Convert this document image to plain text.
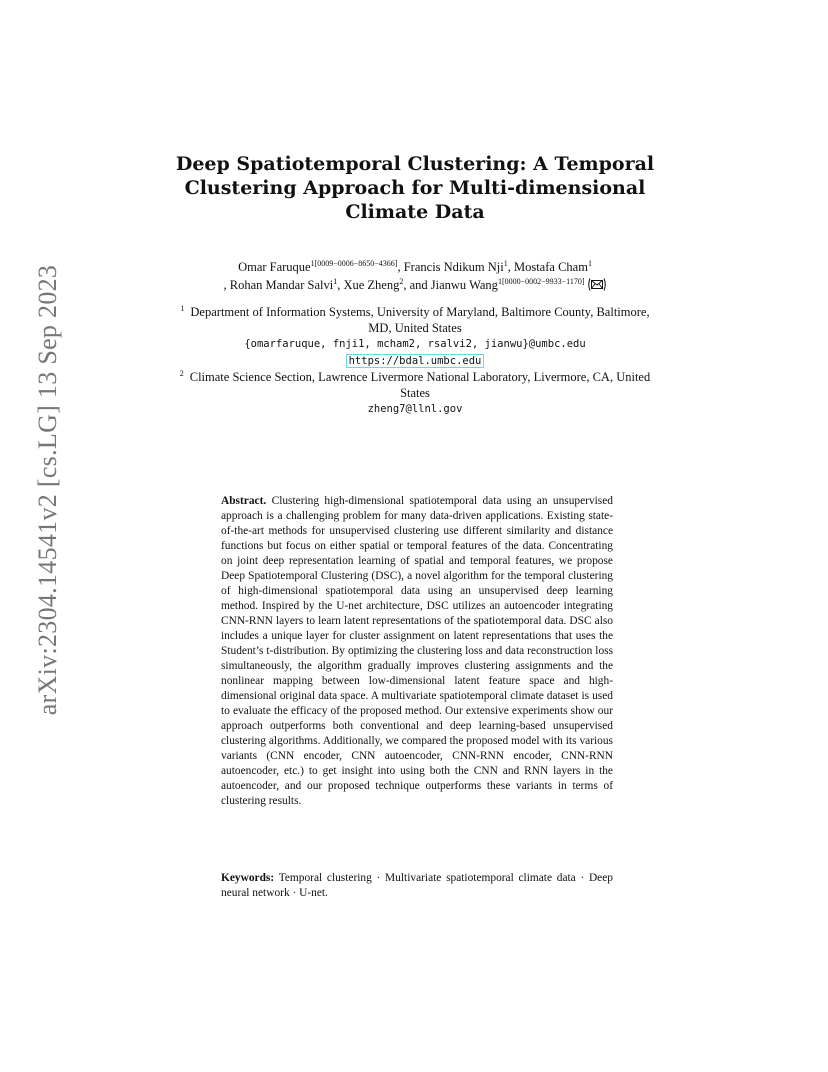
arXiv:2304.14541v2 [cs.LG] 13 Sep 2023
Deep Spatiotemporal Clustering: A Temporal Clustering Approach for Multi-dimensional Climate Data
Omar Faruque$^{1[0009-0006-8650-4366]}$, Francis Ndikum Nji$^1$, Mostafa Cham$^1$
, Rohan Mandar Salvi$^1$, Xue Zheng$^2$, and Jianwu Wang$^{1[0000-0002-9933-1170]}$
$^1$ Department of Information Systems, University of Maryland, Baltimore County, Baltimore, MD, United States
{omarfaruque, fnji1, mcham2, rsalvi2, jianwu}@umbc.edu
https://bdal.umbc.edu
$^2$ Climate Science Section, Lawrence Livermore National Laboratory, Livermore, CA, United States
zheng7@llnl.gov
Abstract. Clustering high-dimensional spatiotemporal data using an unsupervised approach is a challenging problem for many data-driven applications. Existing state-of-the-art methods for unsupervised clustering use different similarity and distance functions but focus on either spatial or temporal features of the data. Concentrating on joint deep representation learning of spatial and temporal features, we propose Deep Spatiotemporal Clustering (DSC), a novel algorithm for the temporal clustering of high-dimensional spatiotemporal data using an unsupervised deep learning method. Inspired by the U-net architecture, DSC utilizes an autoencoder integrating CNN-RNN layers to learn latent representations of the spatiotemporal data. DSC also includes a unique layer for cluster assignment on latent representations that uses the Student’s t-distribution. By optimizing the clustering loss and data reconstruction loss simultaneously, the algorithm gradually improves clustering assignments and the nonlinear mapping between low-dimensional latent feature space and high-dimensional original data space. A multivariate spatiotemporal climate dataset is used to evaluate the efficacy of the proposed method. Our extensive experiments show our approach outperforms both conventional and deep learning-based unsupervised clustering algorithms. Additionally, we compared the proposed model with its various variants (CNN encoder, CNN autoencoder, CNN-RNN encoder, CNN-RNN autoencoder, etc.) to get insight into using both the CNN and RNN layers in the autoencoder, and our proposed technique outperforms these variants in terms of clustering results.
Keywords: Temporal clustering · Multivariate spatiotemporal climate data · Deep neural network · U-net.
